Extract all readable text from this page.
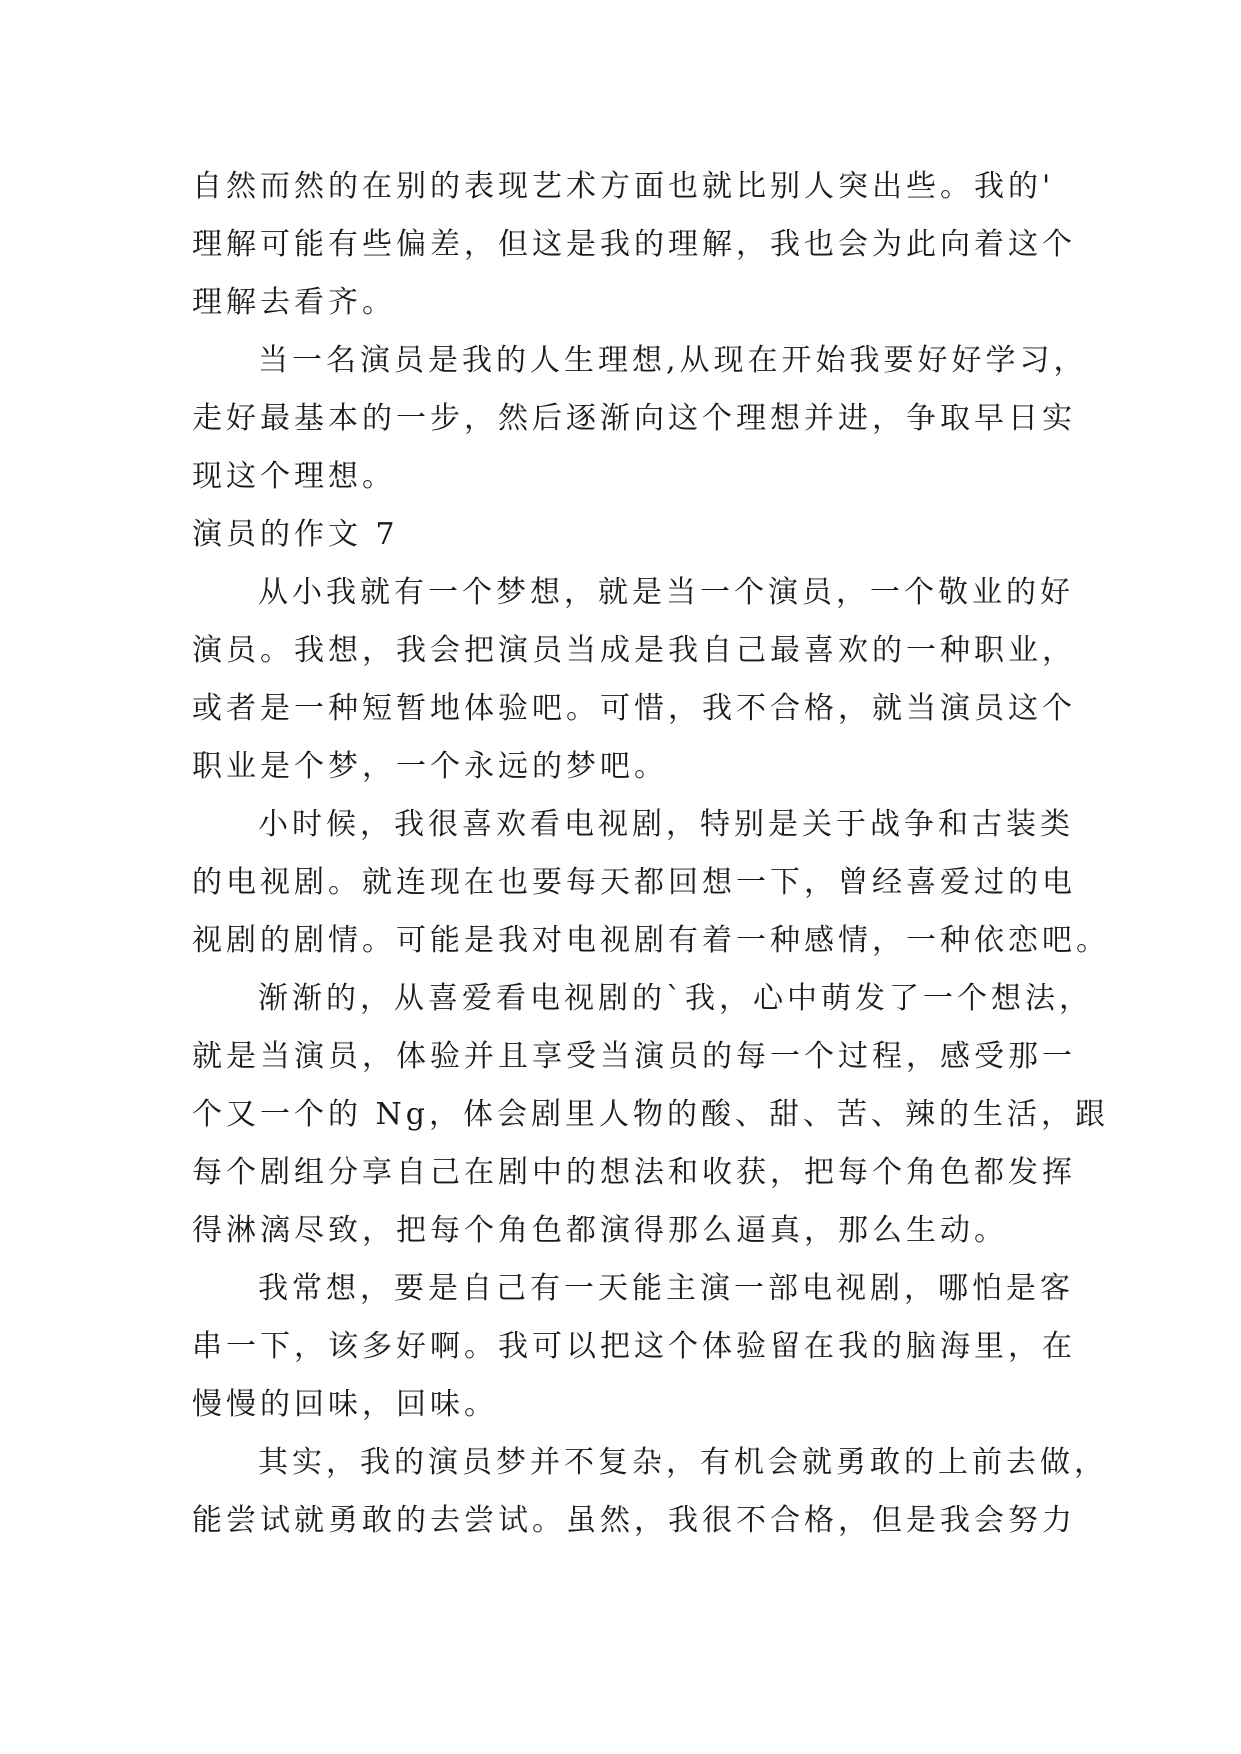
自然而然的在别的表现艺术方面也就比别人突出些。我的'
理解可能有些偏差，但这是我的理解，我也会为此向着这个
理解去看齐。
当一名演员是我的人生理想,从现在开始我要好好学习，
走好最基本的一步，然后逐渐向这个理想并进，争取早日实
现这个理想。
演员的作文 7
从小我就有一个梦想，就是当一个演员，一个敬业的好
演员。我想，我会把演员当成是我自己最喜欢的一种职业，
或者是一种短暂地体验吧。可惜，我不合格，就当演员这个
职业是个梦，一个永远的梦吧。
小时候，我很喜欢看电视剧，特别是关于战争和古装类
的电视剧。就连现在也要每天都回想一下，曾经喜爱过的电
视剧的剧情。可能是我对电视剧有着一种感情，一种依恋吧。
渐渐的，从喜爱看电视剧的`我，心中萌发了一个想法，
就是当演员，体验并且享受当演员的每一个过程，感受那一
个又一个的 Ng，体会剧里人物的酸、甜、苦、辣的生活，跟
每个剧组分享自己在剧中的想法和收获，把每个角色都发挥
得淋漓尽致，把每个角色都演得那么逼真，那么生动。
我常想，要是自己有一天能主演一部电视剧，哪怕是客
串一下，该多好啊。我可以把这个体验留在我的脑海里，在
慢慢的回味，回味。
其实，我的演员梦并不复杂，有机会就勇敢的上前去做，
能尝试就勇敢的去尝试。虽然，我很不合格，但是我会努力
